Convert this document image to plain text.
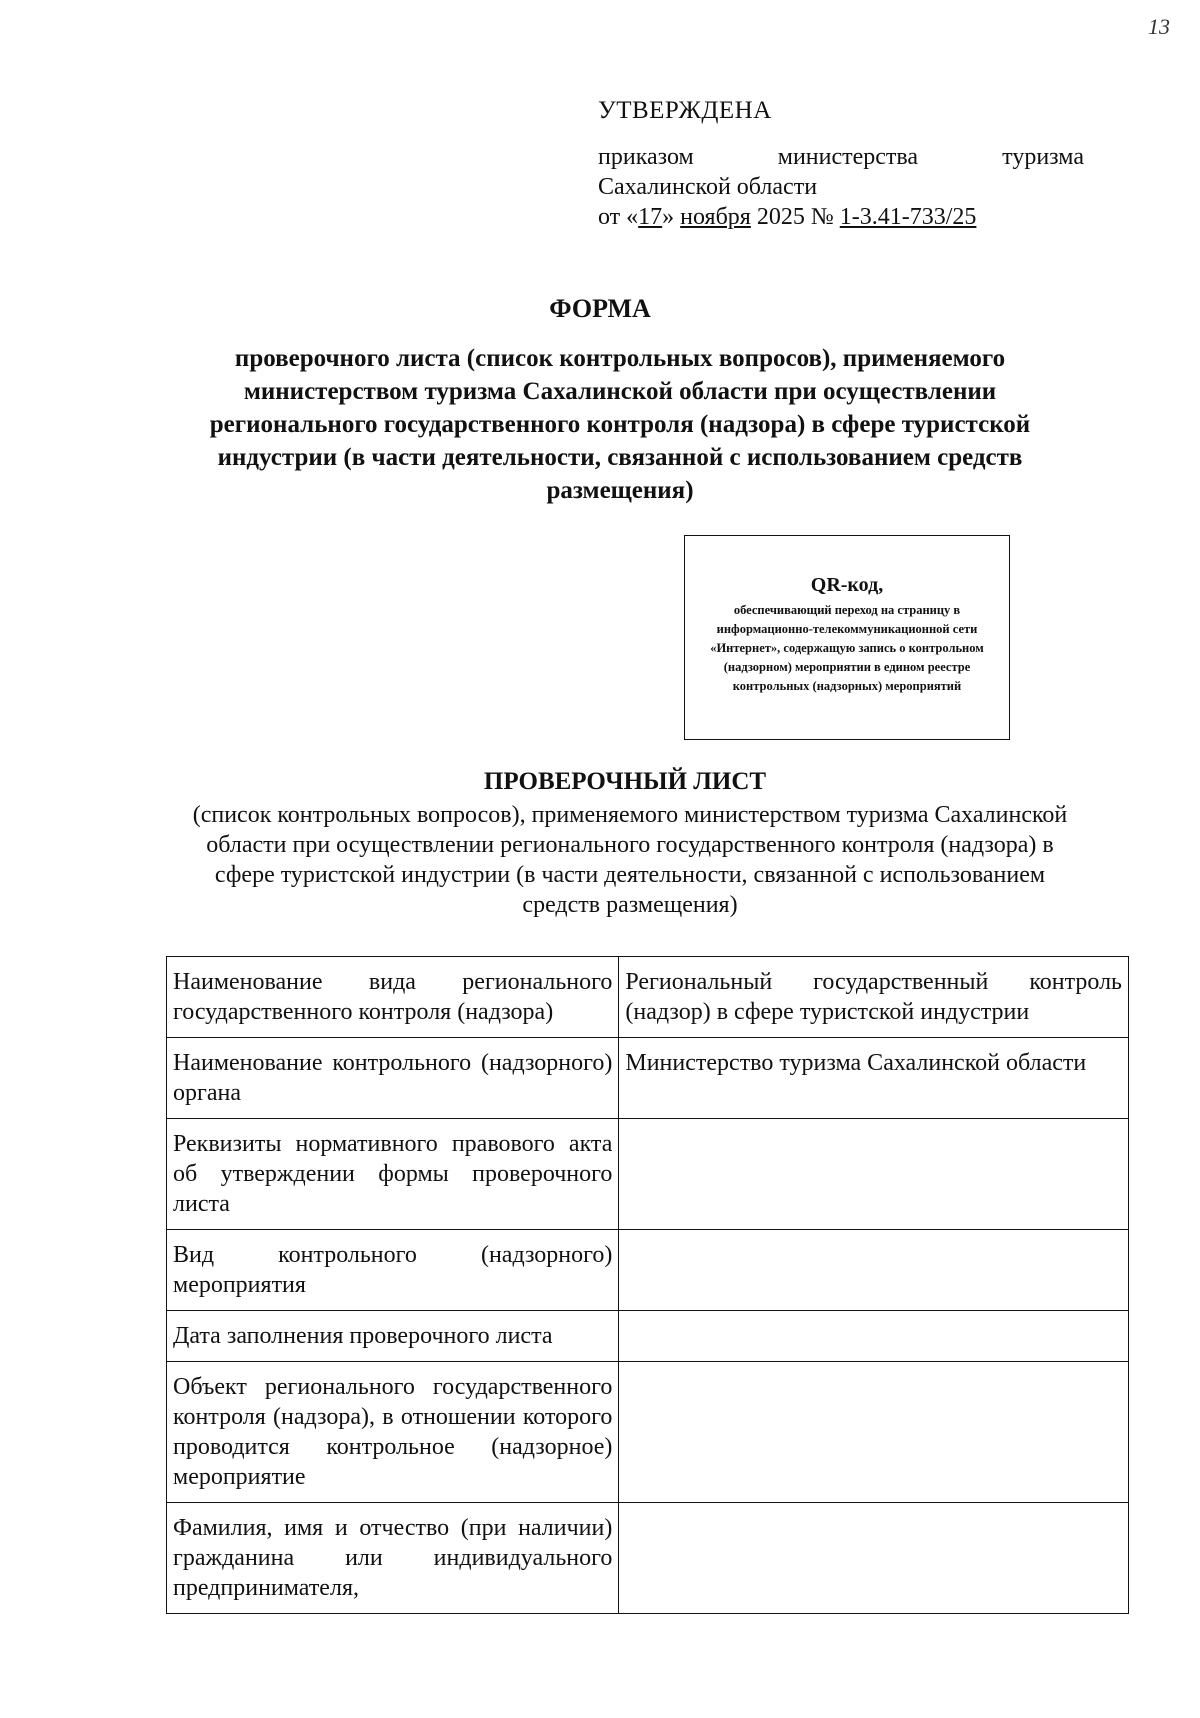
13
УТВЕРЖДЕНА
приказом	министерства	туризма
Сахалинской области
от «17» ноября 2025 № 1-3.41-733/25
ФОРМА
проверочного листа (список контрольных вопросов), применяемого министерством туризма Сахалинской области при осуществлении регионального государственного контроля (надзора) в сфере туристской индустрии (в части деятельности, связанной с использованием средств размещения)
QR-код,
обеспечивающий переход на страницу в информационно-телекоммуникационной сети «Интернет», содержащую запись о контрольном (надзорном) мероприятии в едином реестре контрольных (надзорных) мероприятий
ПРОВЕРОЧНЫЙ ЛИСТ
(список контрольных вопросов), применяемого министерством туризма Сахалинской области при осуществлении регионального государственного контроля (надзора) в сфере туристской индустрии (в части деятельности, связанной с использованием средств размещения)
Наименование вида регионального государственного контроля (надзора)	Региональный государственный контроль (надзор) в сфере туристской индустрии
Наименование контрольного (надзорного) органа	Министерство туризма Сахалинской области
Реквизиты нормативного правового акта об утверждении формы проверочного листа	
Вид контрольного (надзорного) мероприятия	
Дата заполнения проверочного листа	
Объект регионального государственного контроля (надзора), в отношении которого проводится контрольное (надзорное) мероприятие	
Фамилия, имя и отчество (при наличии) гражданина или индивидуального предпринимателя,	
